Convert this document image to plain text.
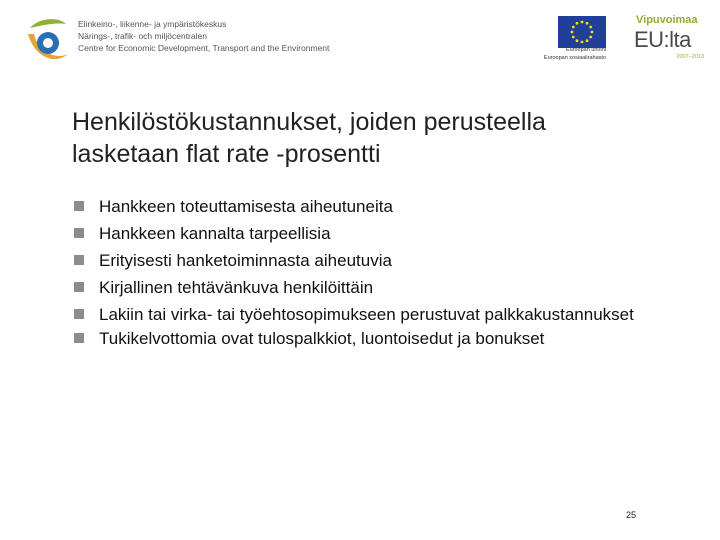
Elinkeino-, liikenne- ja ympäristökeskus
Närings-, trafik- och miljöcentralen
Centre for Economic Development, Transport and the Environment	Euroopan unioni
Euroopan sosiaalirahasto
Vipuvoimaa
EU:lta
2007–2013
Henkilöstökustannukset, joiden perusteella
lasketaan flat rate -prosentti
Hankkeen toteuttamisesta aiheutuneita
Hankkeen kannalta tarpeellisia
Erityisesti hanketoiminnasta aiheutuvia
Kirjallinen tehtävänkuva henkilöittäin
Lakiin tai virka- tai työehtosopimukseen perustuvat palkkakustannukset
Tukikelvottomia ovat tulospalkkiot, luontoisedut ja bonukset
25
